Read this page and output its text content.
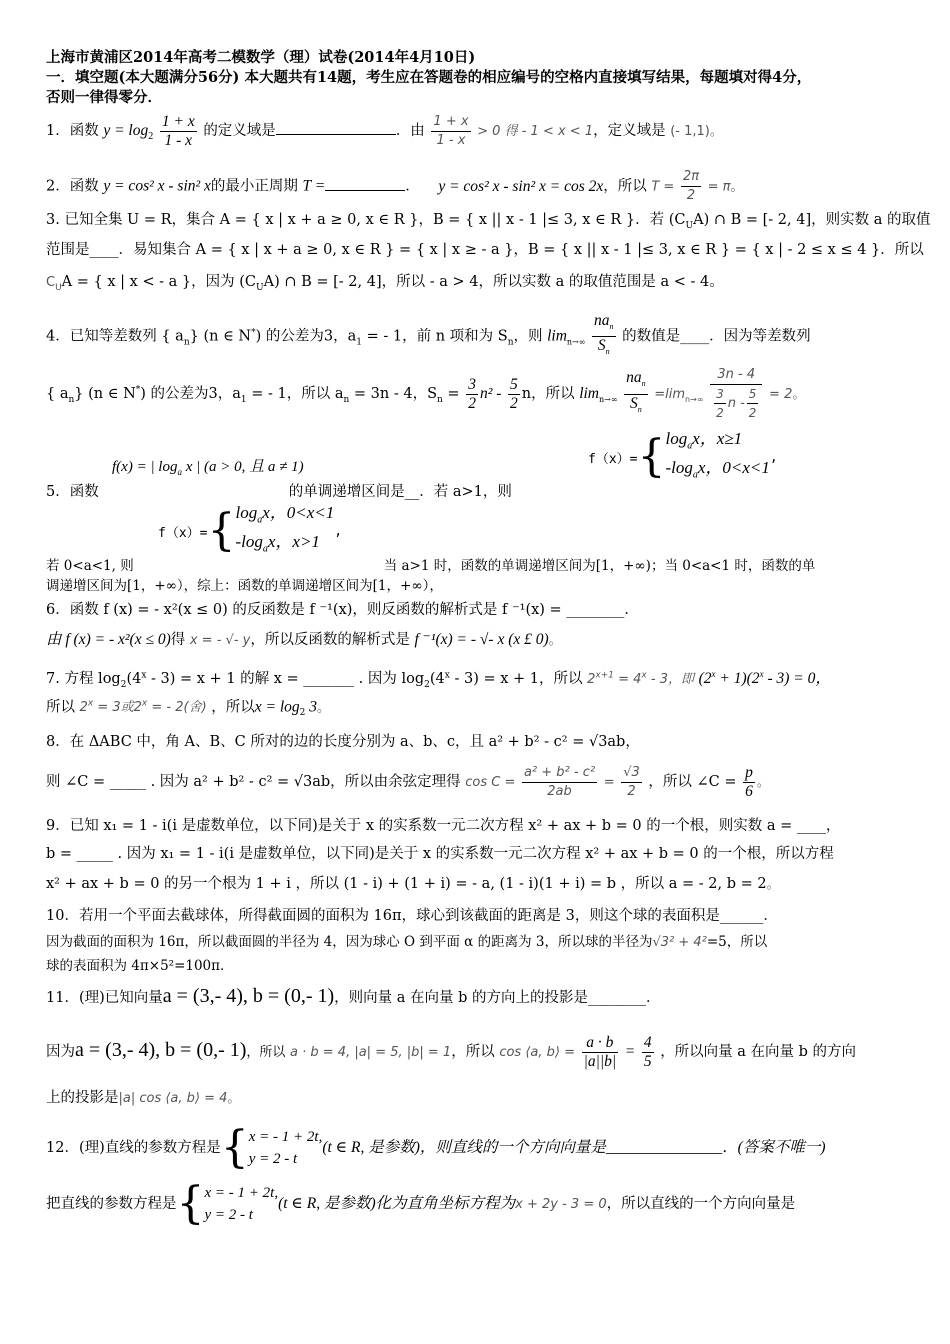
上海市黄浦区2014年高考二模数学（理）试卷(2014年4月10日)
一．填空题(本大题满分56分) 本大题共有14题，考生应在答题卷的相应编号的空格内直接填写结果，每题填对得4分，
否则一律得零分．
1．函数 $y = \log_2 \frac{1 + x}{1 - x}$ 的定义域是	．由 $\frac{1 + x}{1 - x} > 0$ 得 - 1 < x < 1，定义域是 (- 1,1)。
2．函数 y = cos² x - sin² x的最小正周期 T =	． y = cos² x - sin² x = cos 2x，所以 $T = \frac{2\pi}{2} = \pi$。
3. 已知全集 U = R，集合 A = { x | x + a ≥ 0, x ∈ R }，B = { x || x - 1 |≤ 3, x ∈ R }．若 $(C_UA)$ ∩ B = [- 2, 4]，则实数 a 的取值
范围是____．易知集合 A = { x | x + a ≥ 0, x ∈ R } = { x | x ≥ - a }，B = { x || x - 1 |≤ 3, x ∈ R } = { x | - 2 ≤ x ≤ 4 }．所以
$C_UA$ = { x | x < - a }，因为 $(C_UA)$ ∩ B = [- 2, 4]，所以 - a > 4，所以实数 a 的取值范围是 a < - 4。
4．已知等差数列 { $a_n$} (n ∈ N*) 的公差为3，$a_1$ = - 1，前 n 项和为 $S_n$，则 $\lim_{n\to\infty} \frac{na_n}{S_n}$ 的数值是____．因为等差数列
{ $a_n$} (n ∈ N*) 的公差为3，$a_1$ = - 1，所以 $a_n = 3n - 4$，$S_n = \frac{3}{2} n^2 - \frac{5}{2}$ n，所以 $\lim_{n\to\infty} \frac{na_n}{S_n} =\lim_{n\to\infty} \frac{3n - 4}{\frac{3}{2} n - \frac{5}{2}} = 2$。
f(x) = | $\log_a x$ | (a > 0, 且 a ≠ 1)	f（x）={ $\log_ax$，x≥1
$-\log_ax$，0<x<1
,
5．函数	的单调递增区间是__．若 a>1，则
f（x）={ $\log_ax$，0<x<1
$-\log_ax$，x>1
,
若 0<a<1, 则	当 a>1 时，函数的单调递增区间为[1，+∞)；当 0<a<1 时，函数的单
调递增区间为[1，+∞），综上：函数的单调递增区间为[1，+∞），
6．函数 f (x) = - x²(x ≤ 0) 的反函数是 f ⁻¹(x)，则反函数的解析式是 f ⁻¹(x) = ________．
由 f (x) = - x²(x ≤ 0)得 x = - √- y，所以反函数的解析式是 f ⁻¹(x) = - √- x (x £ 0)。
7. 方程 $\log_2(4^x - 3) = x + 1$ 的解 x = _______ . 因为 $\log_2(4^x - 3) = x + 1$，所以 $2^{x+1} = 4^x - 3$，即 $(2^x + 1)(2^x - 3) = 0$，
所以 $2^x = 3$或$2^x$ = - 2(舍) ，所以$x = \log_2 3$。
8．在 ΔABC 中，角 A、B、C 所对的边的长度分别为 a、b、c，且 a² + b² - c² = √3ab，
则 ∠C = _____ . 因为 a² + b² - c² = √3ab，所以由余弦定理得 $\cos C = \frac{\text{a² + b² - c²}}{2ab} = \frac{√3}{2}$ ，所以 ∠C = $\frac{p}{6}$ 。
9．已知 x₁ = 1 - i(i 是虚数单位，以下同)是关于 x 的实系数一元二次方程 x² + ax + b = 0 的一个根，则实数 a = ____，
b = _____ . 因为 x₁ = 1 - i(i 是虚数单位，以下同)是关于 x 的实系数一元二次方程 x² + ax + b = 0 的一个根，所以方程
x² + ax + b = 0 的另一个根为 1 + i ，所以 (1 - i) + (1 + i) = - a, (1 - i)(1 + i) = b ，所以 a = - 2, b = 2。
10．若用一个平面去截球体，所得截面圆的面积为 16π，球心到该截面的距离是 3，则这个球的表面积是______．
因为截面的面积为 16π，所以截面圆的半径为 4，因为球心 O 到平面 α 的距离为 3，所以球的半径为√3² + 4²=5，所以
球的表面积为 4π×5²=100π．
11．(理)已知向量a = (3,- 4), b = (0,- 1)，则向量 a 在向量 b 的方向上的投影是________．
因为a = (3,- 4), b = (0,- 1)，所以 a · b = 4, |a| = 5, |b| = 1，所以 cos ⟨a, b⟩ = $\frac{a \cdot b}{|a||b|} = \frac{4}{5}$ ，所以向量 a 在向量 b 的方向
上的投影是|a| cos ⟨a, b⟩ = 4。
12．(理)直线的参数方程是{ x = - 1 + 2t,
y = 2 - t
(t ∈ R, 是参数)，则直线的一个方向向量是_______________．(答案不唯一)
把直线的参数方程是{ x = - 1 + 2t,
y = 2 - t
(t ∈ R, 是参数)化为直角坐标方程为x + 2y - 3 = 0，所以直线的一个方向向量是
